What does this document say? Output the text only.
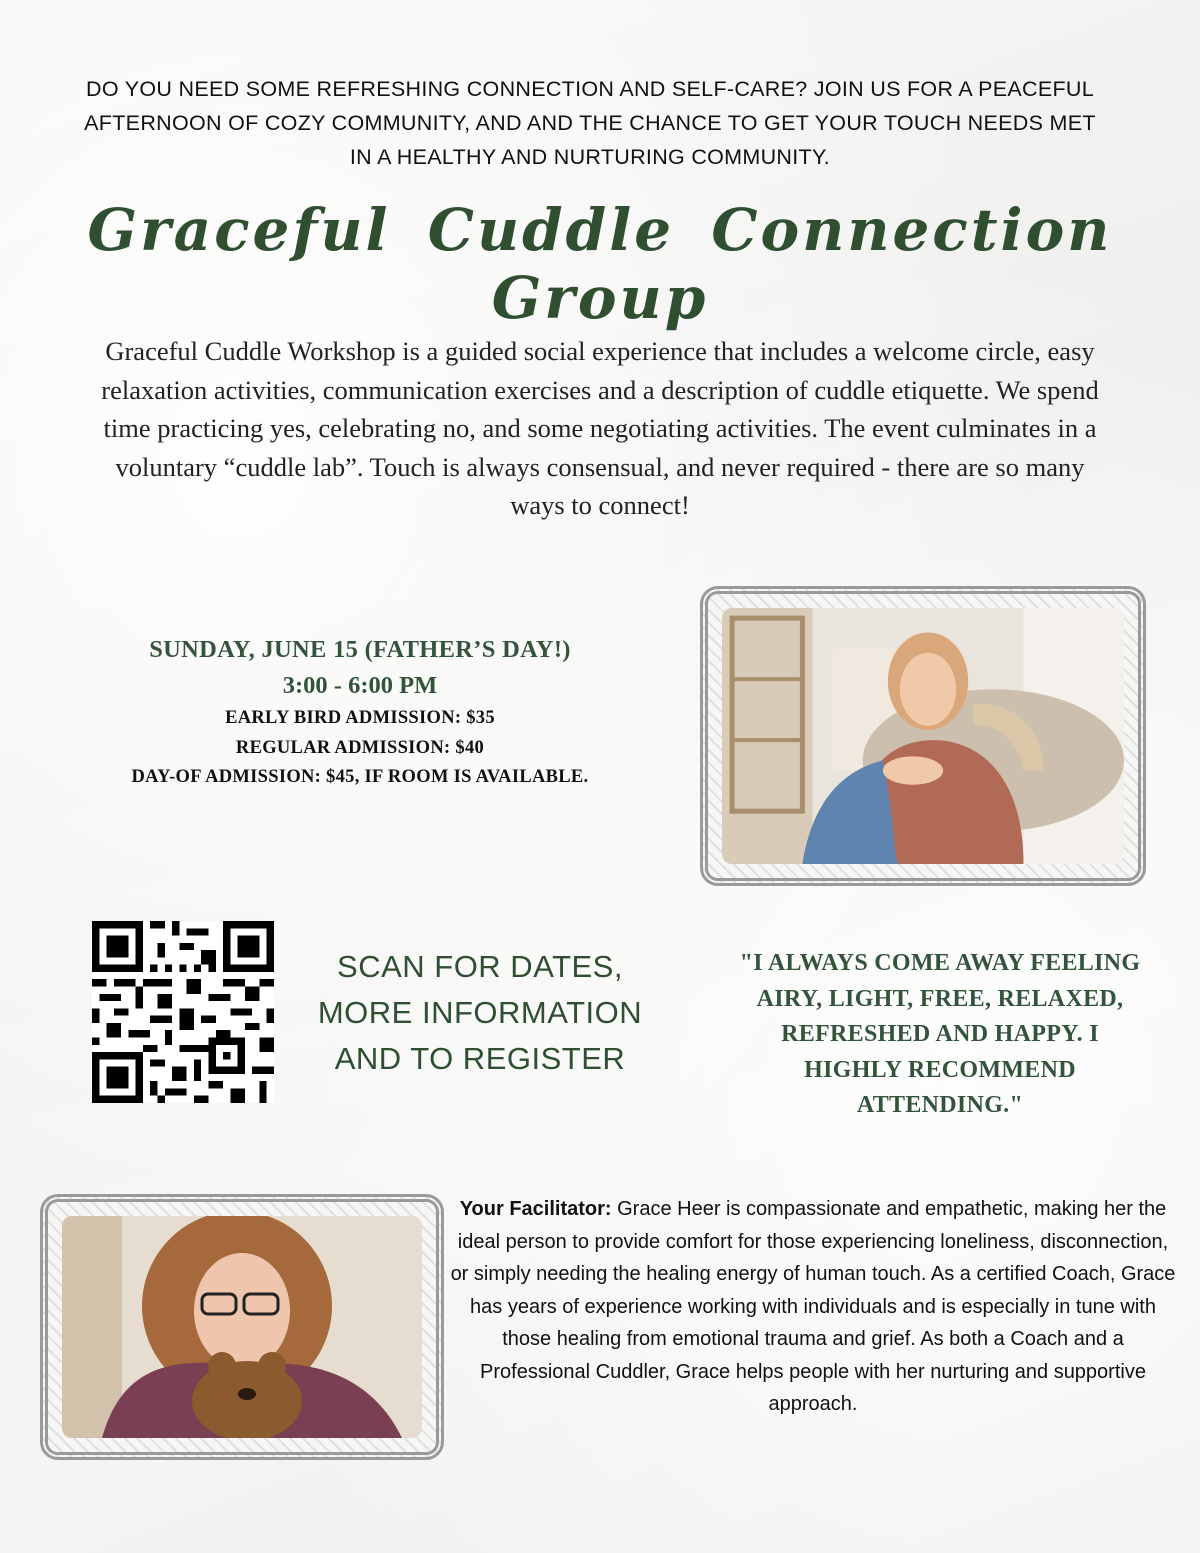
DO YOU NEED SOME REFRESHING CONNECTION AND SELF-CARE? JOIN US FOR A PEACEFUL AFTERNOON OF COZY COMMUNITY, AND AND THE CHANCE TO GET YOUR TOUCH NEEDS MET IN A HEALTHY AND NURTURING COMMUNITY.
Graceful Cuddle Connection Group
Graceful Cuddle Workshop is a guided social experience that includes a welcome circle, easy relaxation activities, communication exercises and a description of cuddle etiquette. We spend time practicing yes, celebrating no, and some negotiating activities. The event culminates in a voluntary “cuddle lab”. Touch is always consensual, and never required - there are so many ways to connect!
SUNDAY, JUNE 15 (FATHER’S DAY!)
3:00 - 6:00 PM
EARLY BIRD ADMISSION: $35
REGULAR ADMISSION: $40
DAY-OF ADMISSION: $45, IF ROOM IS AVAILABLE.
SCAN FOR DATES,
MORE INFORMATION
AND TO REGISTER
"I ALWAYS COME AWAY FEELING AIRY, LIGHT, FREE, RELAXED, REFRESHED AND HAPPY. I HIGHLY RECOMMEND ATTENDING."
Your Facilitator: Grace Heer is compassionate and empathetic, making her the ideal person to provide comfort for those experiencing loneliness, disconnection, or simply needing the healing energy of human touch. As a certified Coach, Grace has years of experience working with individuals and is especially in tune with those healing from emotional trauma and grief. As both a Coach and a Professional Cuddler, Grace helps people with her nurturing and supportive approach.
